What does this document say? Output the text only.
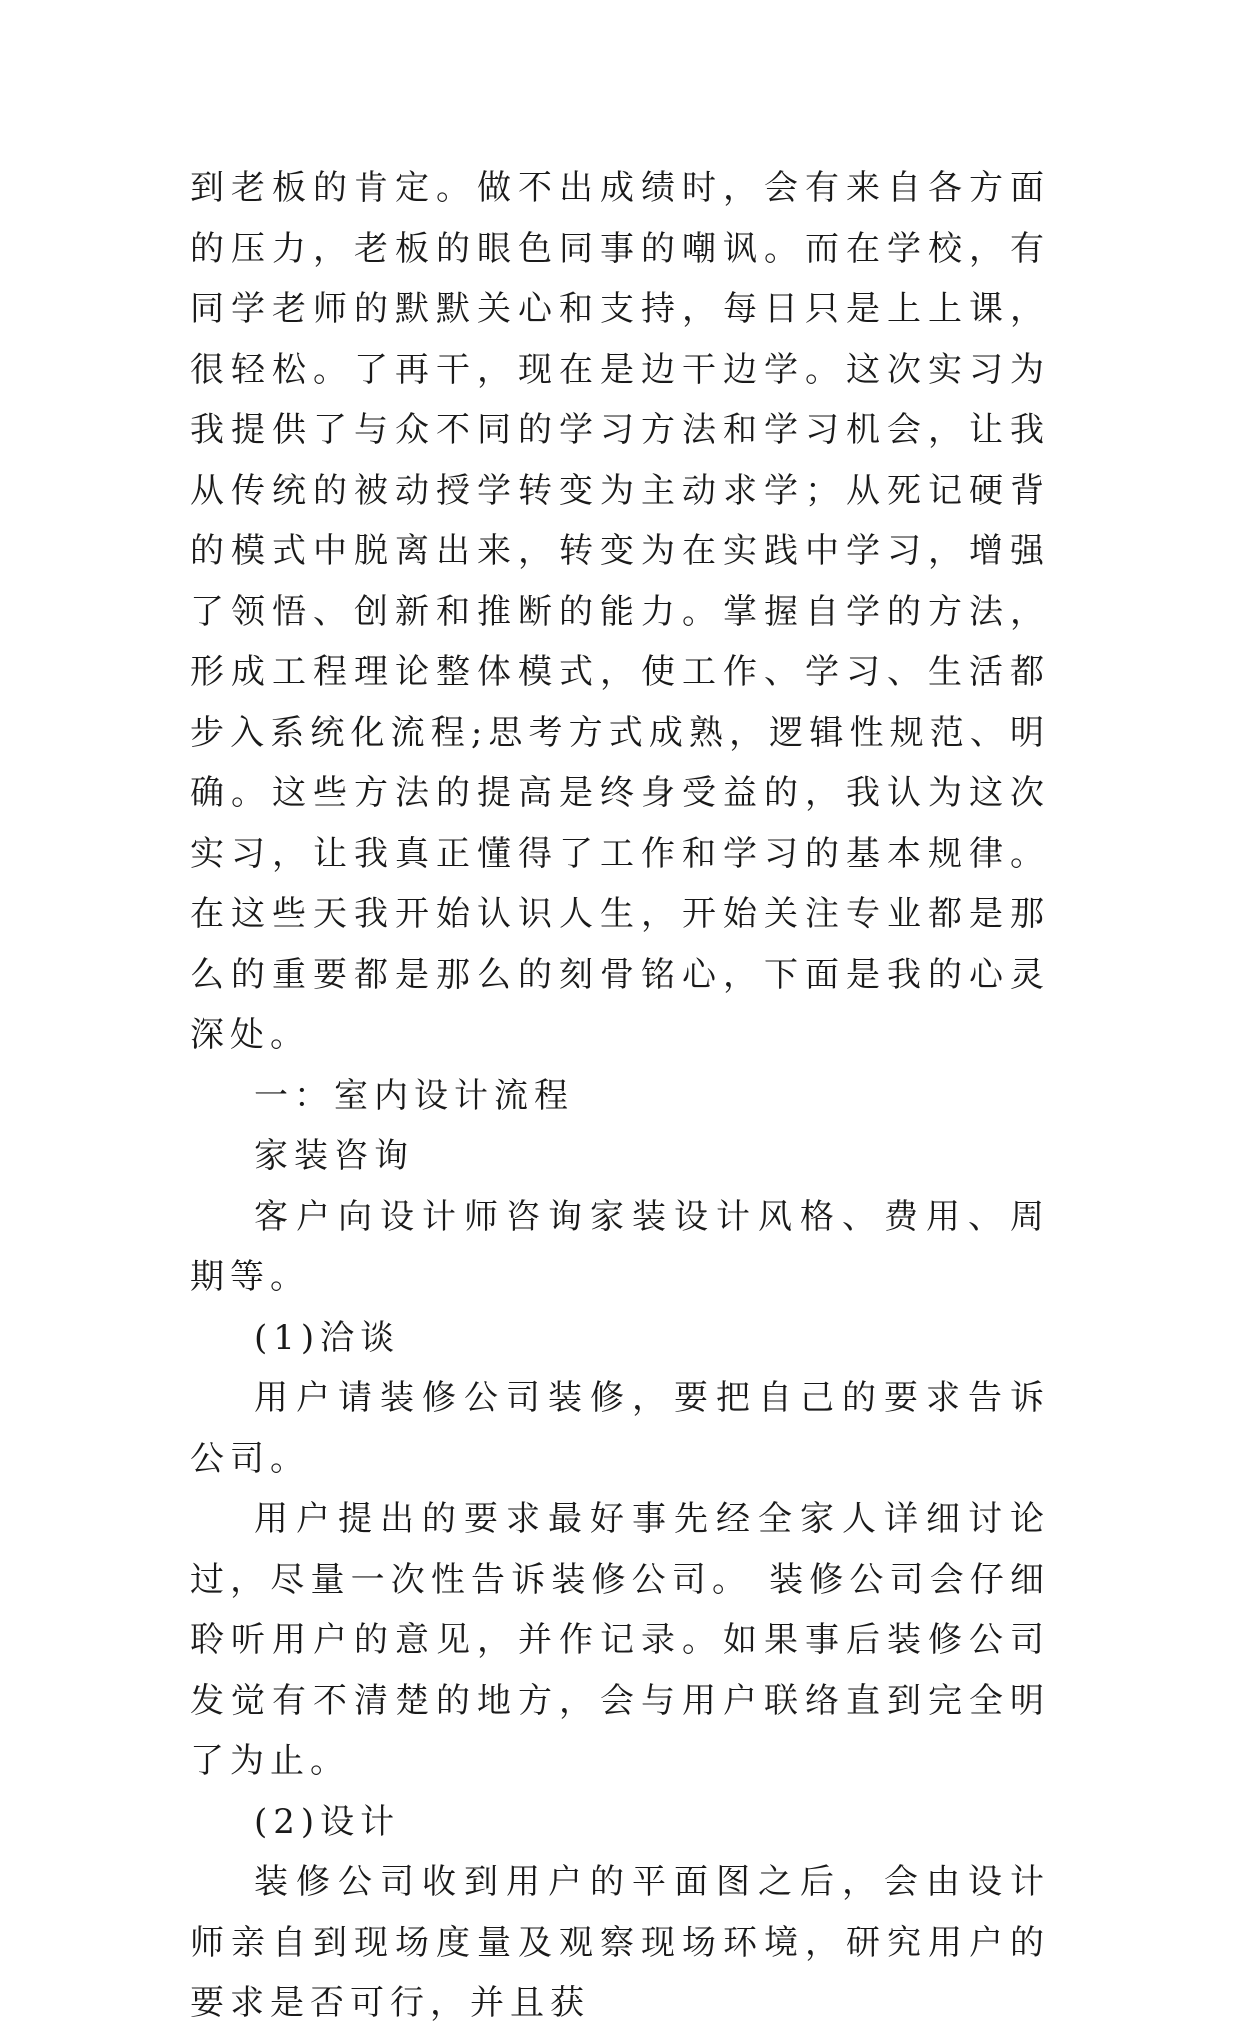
到老板的肯定。做不出成绩时，会有来自各方面的压力，老板的眼色同事的嘲讽。而在学校，有同学老师的默默关心和支持，每日只是上上课，很轻松。了再干，现在是边干边学。这次实习为我提供了与众不同的学习方法和学习机会，让我从传统的被动授学转变为主动求学；从死记硬背的模式中脱离出来，转变为在实践中学习，增强了领悟、创新和推断的能力。掌握自学的方法，形成工程理论整体模式，使工作、学习、生活都步入系统化流程;思考方式成熟，逻辑性规范、明确。这些方法的提高是终身受益的，我认为这次实习，让我真正懂得了工作和学习的基本规律。在这些天我开始认识人生，开始关注专业都是那么的重要都是那么的刻骨铭心，下面是我的心灵深处。

一：室内设计流程

家装咨询

客户向设计师咨询家装设计风格、费用、周期等。

(1)洽谈

用户请装修公司装修，要把自己的要求告诉公司。

用户提出的要求最好事先经全家人详细讨论过，尽量一次性告诉装修公司。 装修公司会仔细聆听用户的意见，并作记录。如果事后装修公司发觉有不清楚的地方，会与用户联络直到完全明了为止。

(2)设计

装修公司收到用户的平面图之后，会由设计师亲自到现场度量及观察现场环境，研究用户的要求是否可行，并且获
